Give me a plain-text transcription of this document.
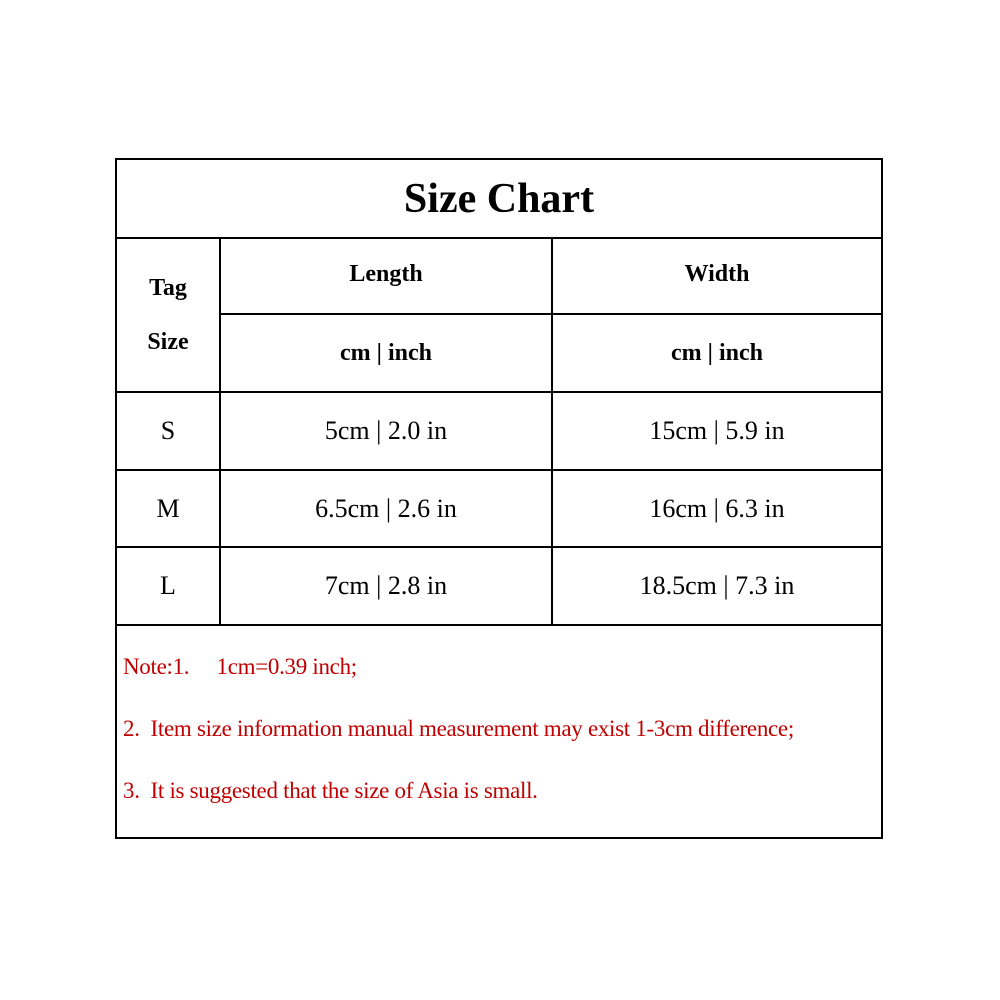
Size Chart
Tag
Size
Length	Width
cm | inch	cm | inch
S	5cm | 2.0 in	15cm | 5.9 in
M	6.5cm | 2.6 in	16cm | 6.3 in
L	7cm | 2.8 in	18.5cm | 7.3 in
Note:1.     1cm=0.39 inch;
2.  Item size information manual measurement may exist 1-3cm difference;
3.  It is suggested that the size of Asia is small.
